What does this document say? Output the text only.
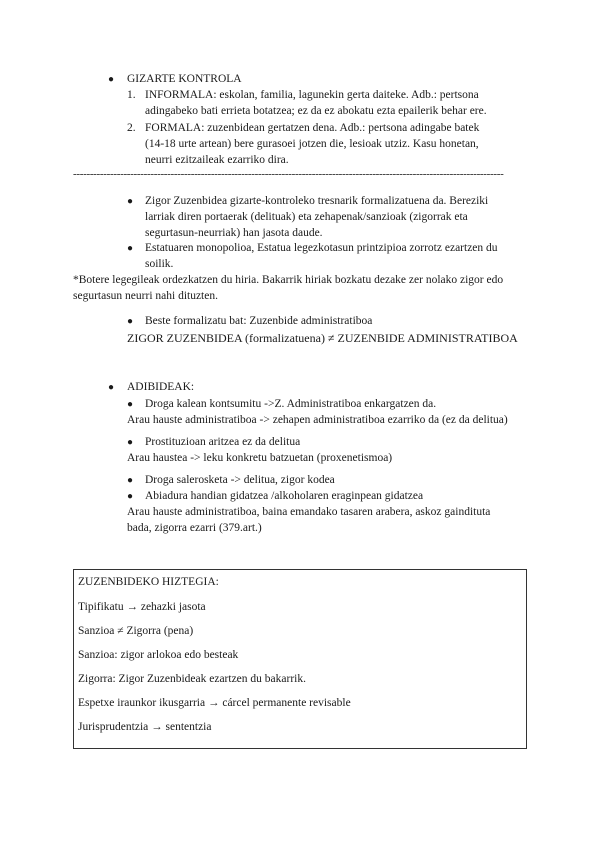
● GIZARTE KONTROLA
1. INFORMALA: eskolan, familia, lagunekin gerta daiteke. Adb.: pertsona
adingabeko bati errieta botatzea; ez da ez abokatu ezta epailerik behar ere.
2. FORMALA: zuzenbidean gertatzen dena. Adb.: pertsona adingabe batek
(14-18 urte artean) bere gurasoei jotzen die, lesioak utziz. Kasu honetan,
neurri ezitzaileak ezarriko dira.
--------------------------------------------------------------------------------------------------------------------------------
● Zigor Zuzenbidea gizarte-kontroleko tresnarik formalizatuena da. Bereziki
larriak diren portaerak (delituak) eta zehapenak/sanzioak (zigorrak eta
segurtasun-neurriak) han jasota daude.
● Estatuaren monopolioa, Estatua legezkotasun printzipioa zorrotz ezartzen du
soilik.
*Botere legegileak ordezkatzen du hiria. Bakarrik hiriak bozkatu dezake zer nolako zigor edo
segurtasun neurri nahi dituzten.
● Beste formalizatu bat: Zuzenbide administratiboa
ZIGOR ZUZENBIDEA (formalizatuena) ≠ ZUZENBIDE ADMINISTRATIBOA
● ADIBIDEAK:
● Droga kalean kontsumitu ->Z. Administratiboa enkargatzen da.
Arau hauste administratiboa -> zehapen administratiboa ezarriko da (ez da delitua)
● Prostituzioan aritzea ez da delitua
Arau haustea -> leku konkretu batzuetan (proxenetismoa)
● Droga salerosketa -> delitua, zigor kodea
● Abiadura handian gidatzea /alkoholaren eraginpean gidatzea
Arau hauste administratiboa, baina emandako tasaren arabera, askoz gainditutа
bada, zigorra ezarri (379.art.)
ZUZENBIDEKO HIZTEGIA:
Tipifikatu → zehazki jasota
Sanzioa ≠ Zigorra (pena)
Sanzioa: zigor arlokoa edo besteak
Zigorra: Zigor Zuzenbideak ezartzen du bakarrik.
Espetxe iraunkor ikusgarria → cárcel permanente revisable
Jurisprudentzia → sententzia
